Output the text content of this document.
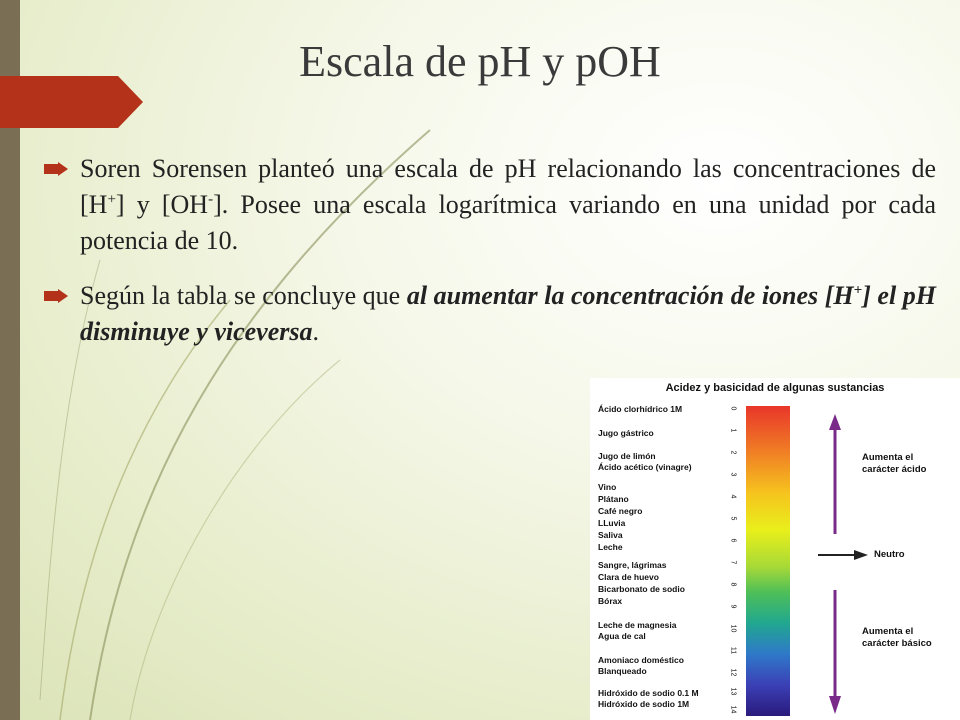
Escala de pH y pOH
Soren Sorensen planteó una escala de pH relacionando las concentraciones de [H+] y [OH-]. Posee una escala logarítmica variando en una unidad por cada potencia de 10.
Según la tabla se concluye que al aumentar la concentración de iones [H+] el pH disminuye y viceversa.
Acidez y basicidad de algunas sustancias
Ácido clorhídrico 1M
Jugo gástrico
Jugo de limón
Ácido acético (vinagre)
Vino
Plátano
Café negro
LLuvia
Saliva
Leche
Sangre, lágrimas
Clara de huevo
Bicarbonato de sodio
Bórax
Leche de magnesia
Agua de cal
Amoniaco doméstico
Blanqueado
Hidróxido de sodio 0.1 M
Hidróxido de sodio 1M
0
1
2
3
4
5
6
7
8
9
10
11
12
13
14
Aumenta el
carácter ácido
Neutro
Aumenta el
carácter básico
